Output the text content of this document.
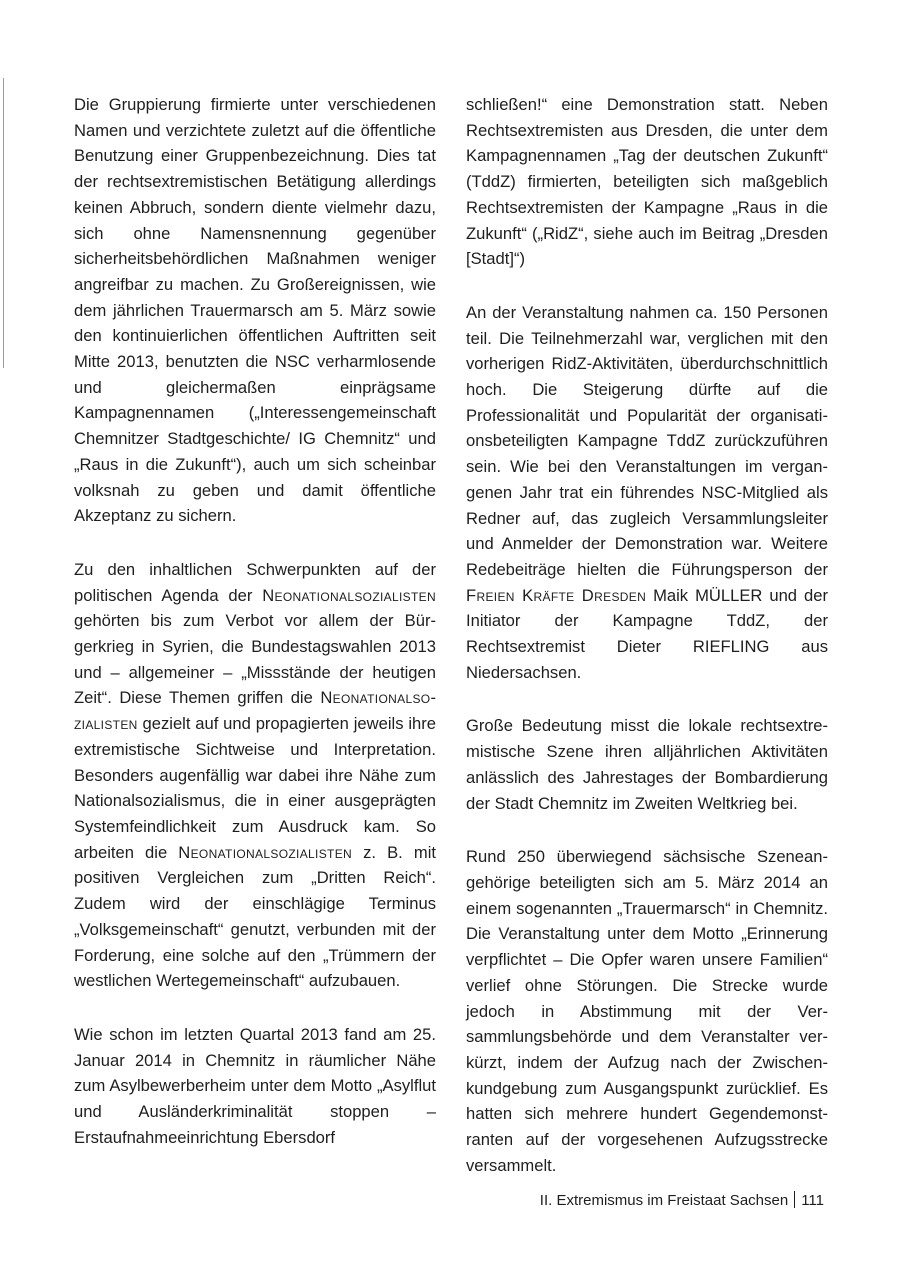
Die Gruppierung firmierte unter verschiedenen Namen und verzichtete zuletzt auf die öffentliche Benutzung einer Gruppenbezeichnung. Dies tat der rechtsextremistischen Betätigung allerdings keinen Abbruch, sondern diente vielmehr dazu, sich ohne Namensnennung gegenüber sicherheitsbehördlichen Maßnahmen weniger angreifbar zu machen. Zu Großereignissen, wie dem jährlichen Trauermarsch am 5. März sowie den kontinuierlichen öffentlichen Auftritten seit Mitte 2013, benutzten die NSC verharmlosende und gleichermaßen einprägsame Kampagnennamen („Interessengemeinschaft Chemnitzer Stadtgeschichte/ IG Chemnitz“ und „Raus in die Zukunft“), auch um sich scheinbar volksnah zu geben und damit öffentliche Akzeptanz zu sichern.

Zu den inhaltlichen Schwerpunkten auf der politischen Agenda der Neonationalsozialisten gehörten bis zum Verbot vor allem der Bürgerkrieg in Syrien, die Bundestagswahlen 2013 und – allgemeiner – „Missstände der heutigen Zeit“. Diese Themen griffen die Neonationalsozialisten gezielt auf und propagierten jeweils ihre extremistische Sichtweise und Interpretation. Besonders augenfällig war dabei ihre Nähe zum Nationalsozialismus, die in einer ausgeprägten Systemfeindlichkeit zum Ausdruck kam. So arbeiten die Neonationalsozialisten z. B. mit positiven Vergleichen zum „Dritten Reich“. Zudem wird der einschlägige Terminus „Volksgemeinschaft“ genutzt, verbunden mit der Forderung, eine solche auf den „Trümmern der westlichen Wertegemeinschaft“ aufzubauen.

Wie schon im letzten Quartal 2013 fand am 25. Januar 2014 in Chemnitz in räumlicher Nähe zum Asylbewerberheim unter dem Motto „Asylflut und Ausländerkriminalität stoppen – Erstaufnahmeeinrichtung Ebersdorf

schließen!“ eine Demonstration statt. Neben Rechtsextremisten aus Dresden, die unter dem Kampagnennamen „Tag der deutschen Zukunft“ (TddZ) firmierten, beteiligten sich maßgeblich Rechtsextremisten der Kampagne „Raus in die Zukunft“ („RidZ“, siehe auch im Beitrag „Dresden [Stadt]“)

An der Veranstaltung nahmen ca. 150 Personen teil. Die Teilnehmerzahl war, verglichen mit den vorherigen RidZ-Aktivitäten, überdurchschnittlich hoch. Die Steigerung dürfte auf die Professionalität und Popularität der organisationsbeteiligten Kampagne TddZ zurückzuführen sein. Wie bei den Veranstaltungen im vergangenen Jahr trat ein führendes NSC-Mitglied als Redner auf, das zugleich Versammlungsleiter und Anmelder der Demonstration war. Weitere Redebeiträge hielten die Führungsperson der Freien Kräfte Dresden Maik MÜLLER und der Initiator der Kampagne TddZ, der Rechtsextremist Dieter RIEFLING aus Niedersachsen.

Große Bedeutung misst die lokale rechtsextremistische Szene ihren alljährlichen Aktivitäten anlässlich des Jahrestages der Bombardierung der Stadt Chemnitz im Zweiten Weltkrieg bei.

Rund 250 überwiegend sächsische Szeneangehörige beteiligten sich am 5. März 2014 an einem sogenannten „Trauermarsch“ in Chemnitz. Die Veranstaltung unter dem Motto „Erinnerung verpflichtet – Die Opfer waren unsere Familien“ verlief ohne Störungen. Die Strecke wurde jedoch in Abstimmung mit der Versammlungsbehörde und dem Veranstalter verkürzt, indem der Aufzug nach der Zwischenkundgebung zum Ausgangspunkt zurücklief. Es hatten sich mehrere hundert Gegendemonstranten auf der vorgesehenen Aufzugsstrecke versammelt.

II. Extremismus im Freistaat Sachsen 111
